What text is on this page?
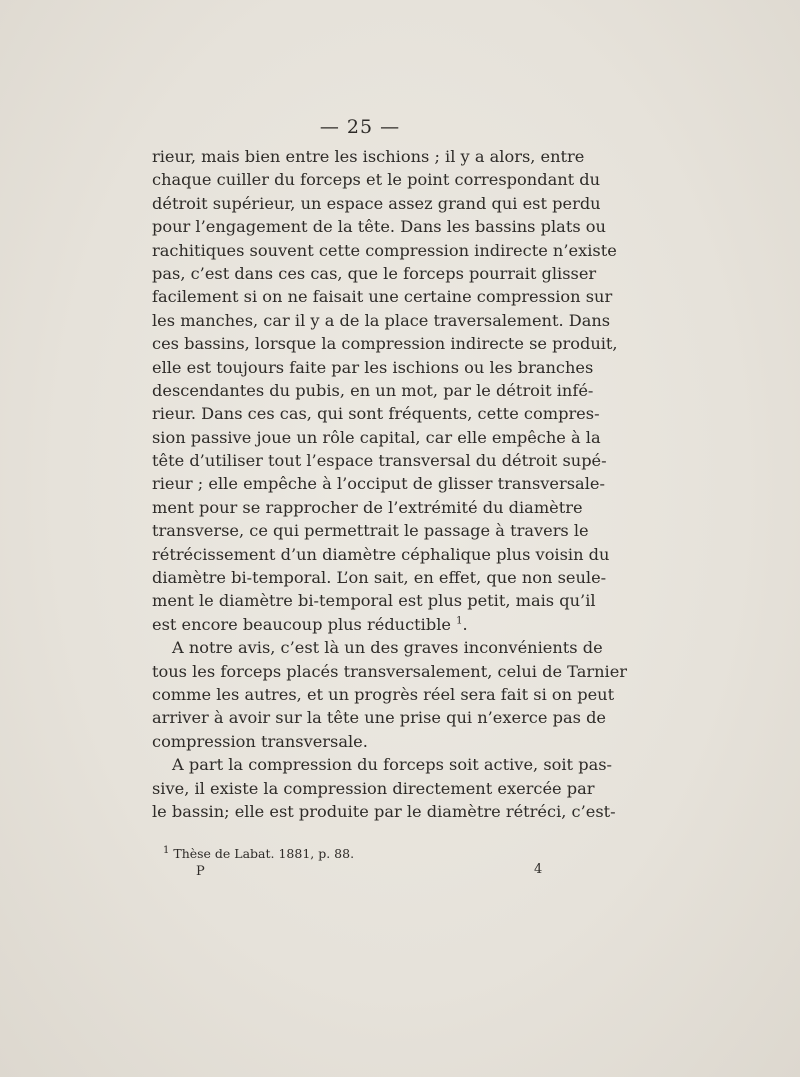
— 25 —
rieur, mais bien entre les ischions ; il y a alors, entre
chaque cuiller du forceps et le point correspondant du
détroit supérieur, un espace assez grand qui est perdu
pour l’engagement de la tête. Dans les bassins plats ou
rachitiques souvent cette compression indirecte n’existe
pas, c’est dans ces cas, que le forceps pourrait glisser
facilement si on ne faisait une certaine compression sur
les manches, car il y a de la place traversalement. Dans
ces bassins, lorsque la compression indirecte se produit,
elle est toujours faite par les ischions ou les branches
descendantes du pubis, en un mot, par le détroit infé-
rieur. Dans ces cas, qui sont fréquents, cette compres-
sion passive joue un rôle capital, car elle empêche à la
tête d’utiliser tout l’espace transversal du détroit supé-
rieur ; elle empêche à l’occiput de glisser transversale-
ment pour se rapprocher de l’extrémité du diamètre
transverse, ce qui permettrait le passage à travers le
rétrécissement d’un diamètre céphalique plus voisin du
diamètre bi-temporal. L’on sait, en effet, que non seule-
ment le diamètre bi-temporal est plus petit, mais qu’il
est encore beaucoup plus réductible $^1$.
A notre avis, c’est là un des graves inconvénients de
tous les forceps placés transversalement, celui de Tarnier
comme les autres, et un progrès réel sera fait si on peut
arriver à avoir sur la tête une prise qui n’exerce pas de
compression transversale.
A part la compression du forceps soit active, soit pas-
sive, il existe la compression directement exercée par
le bassin; elle est produite par le diamètre rétréci, c’est-
$^1$ Thèse de Labat. 1881, p. 88.
P	4
